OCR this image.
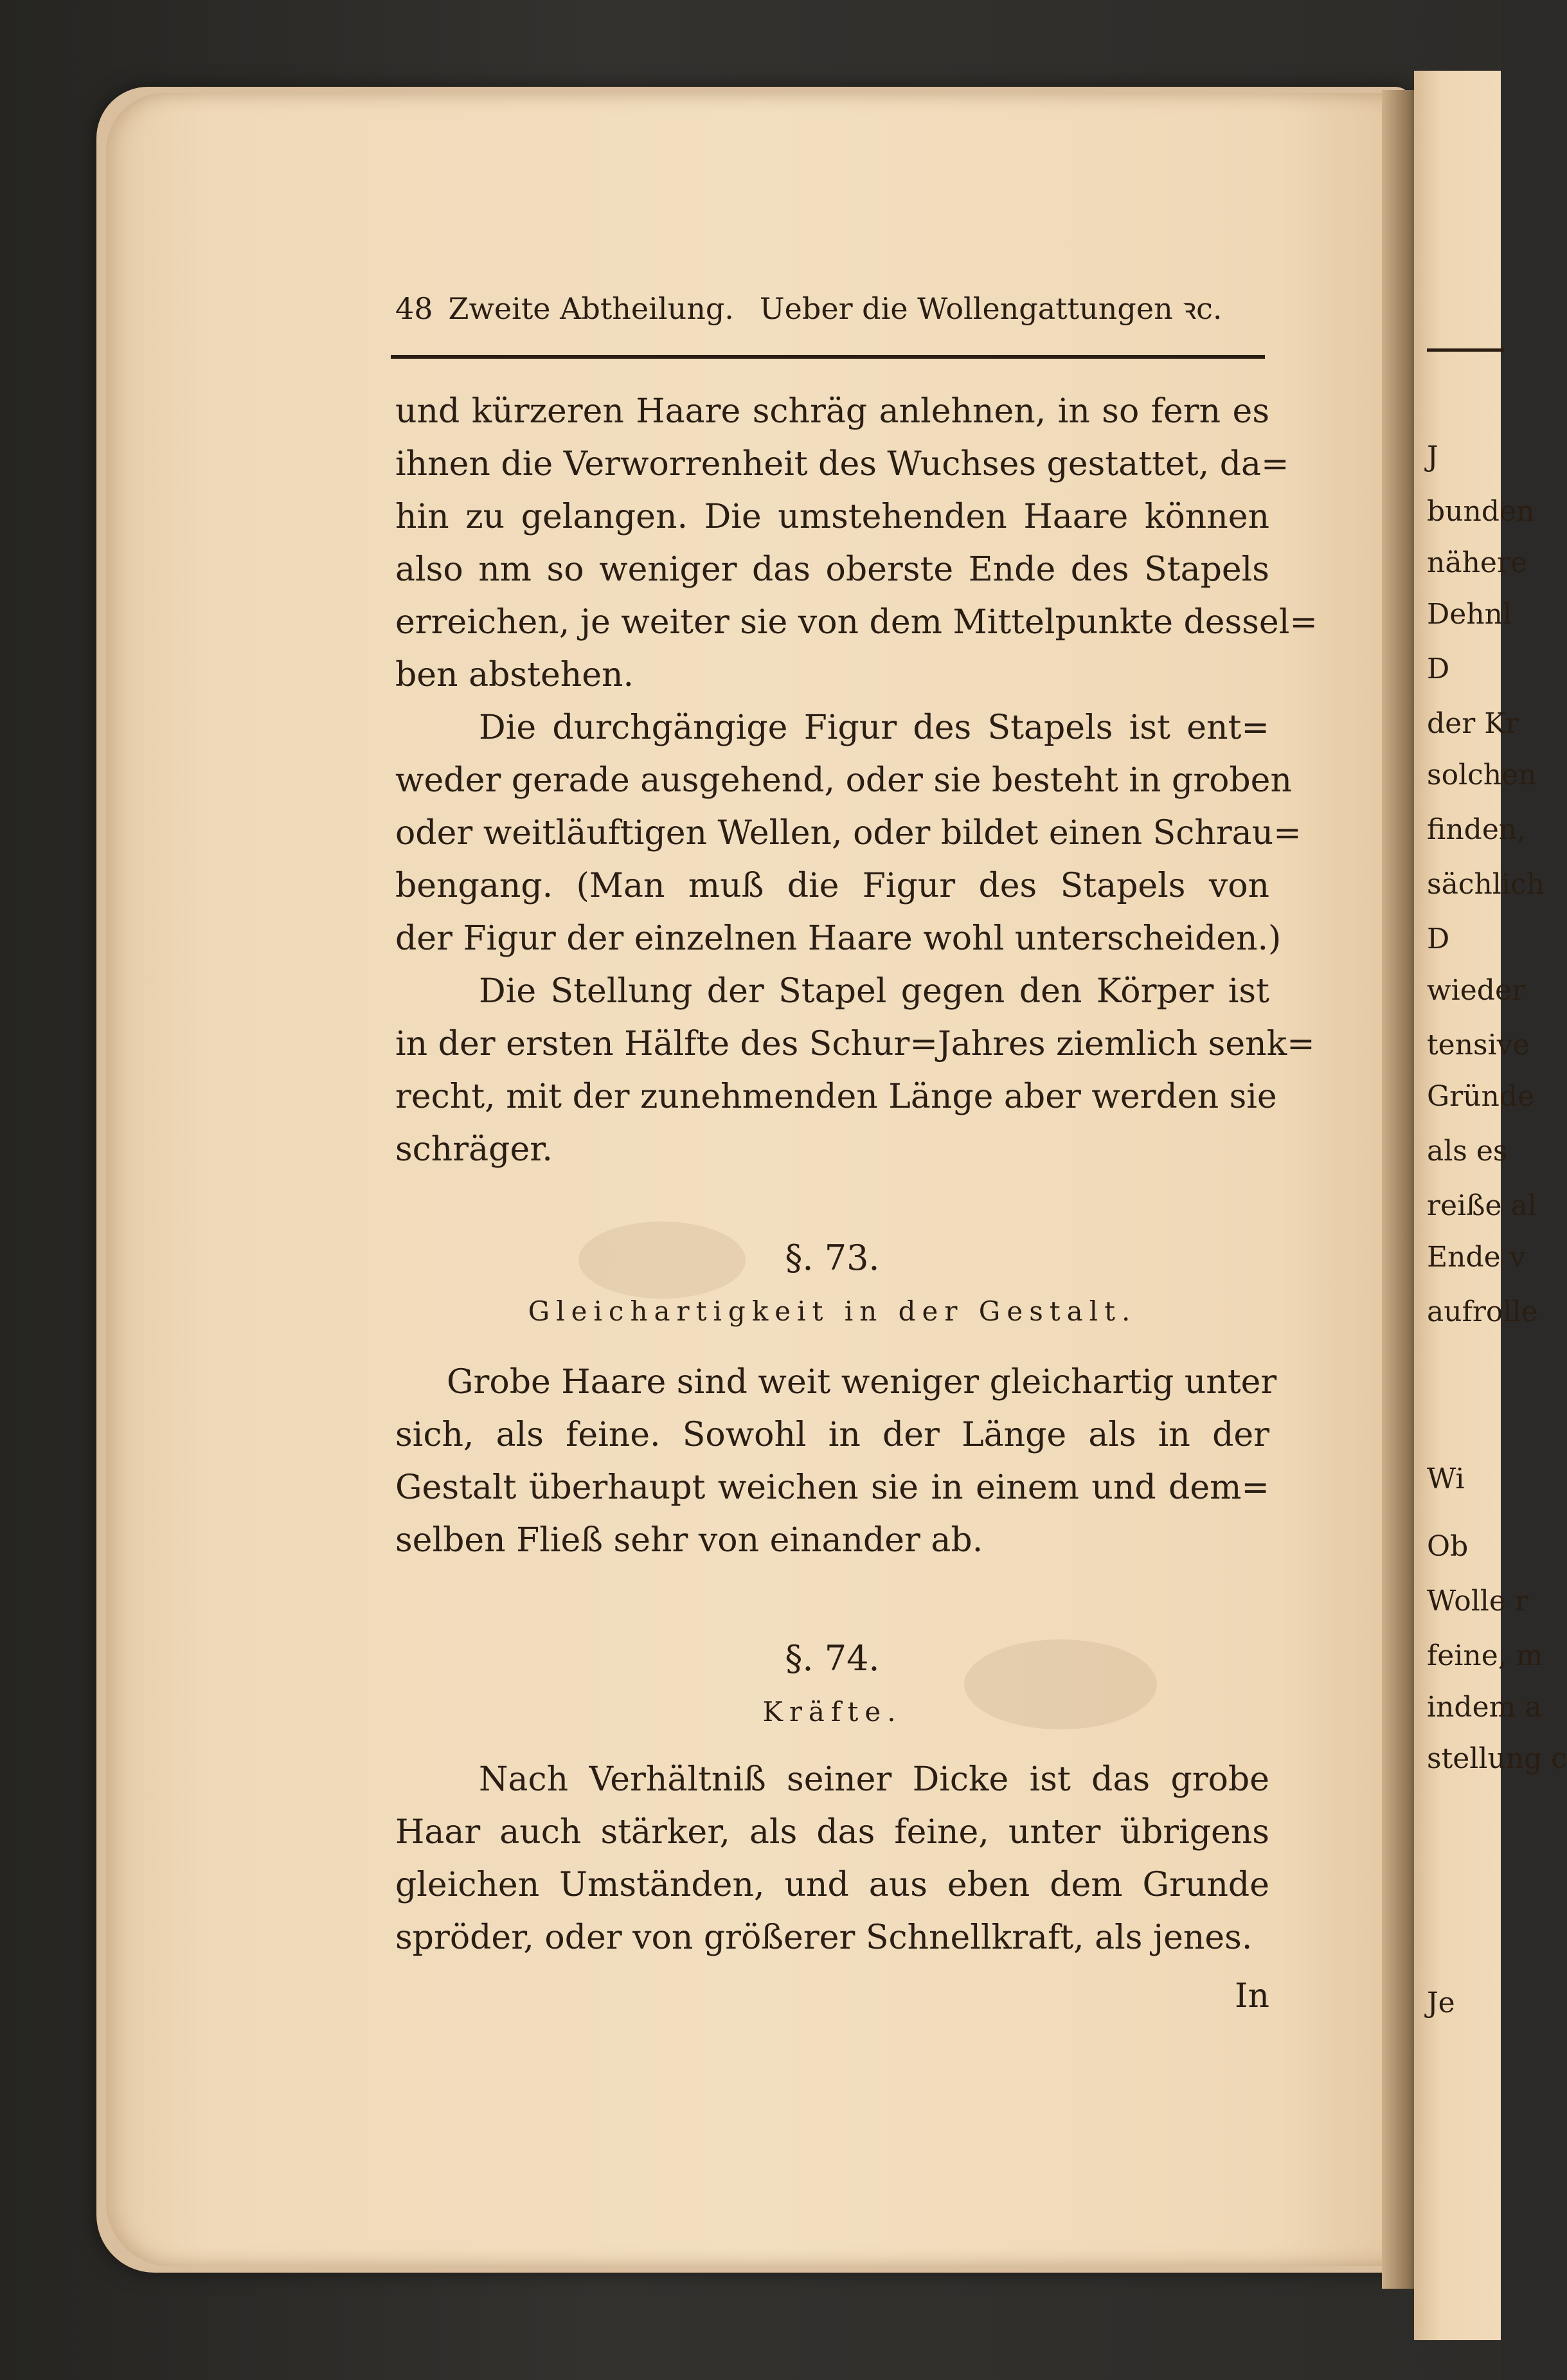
J
bunden
nähere
Dehnl
D
der Kr
solchen
finden,
sächlich
D
wieder
tensive
Gründe
als es
reiße al
Ende v
aufrolle
Wi
Ob
Wolle r
feine, m
indem a
stellung c
Je
48 Zweite Abtheilung. Ueber die Wollengattungen ꝛc.
und kürzeren Haare schräg anlehnen, in so fern es
ihnen die Verworrenheit des Wuchses gestattet, da=
hin zu gelangen. Die umstehenden Haare können
also nm so weniger das oberste Ende des Stapels
erreichen, je weiter sie von dem Mittelpunkte dessel=
ben abstehen.
Die durchgängige Figur des Stapels ist ent=
weder gerade ausgehend, oder sie besteht in groben
oder weitläuftigen Wellen, oder bildet einen Schrau=
bengang. (Man muß die Figur des Stapels von
der Figur der einzelnen Haare wohl unterscheiden.)
Die Stellung der Stapel gegen den Körper ist
in der ersten Hälfte des Schur=Jahres ziemlich senk=
recht, mit der zunehmenden Länge aber werden sie
schräger.
§. 73.
Gleichartigkeit in der Gestalt.
Grobe Haare sind weit weniger gleichartig unter
sich, als feine. Sowohl in der Länge als in der
Gestalt überhaupt weichen sie in einem und dem=
selben Fließ sehr von einander ab.
§. 74.
Kräfte.
Nach Verhältniß seiner Dicke ist das grobe
Haar auch stärker, als das feine, unter übrigens
gleichen Umständen, und aus eben dem Grunde
spröder, oder von größerer Schnellkraft, als jenes.
In
